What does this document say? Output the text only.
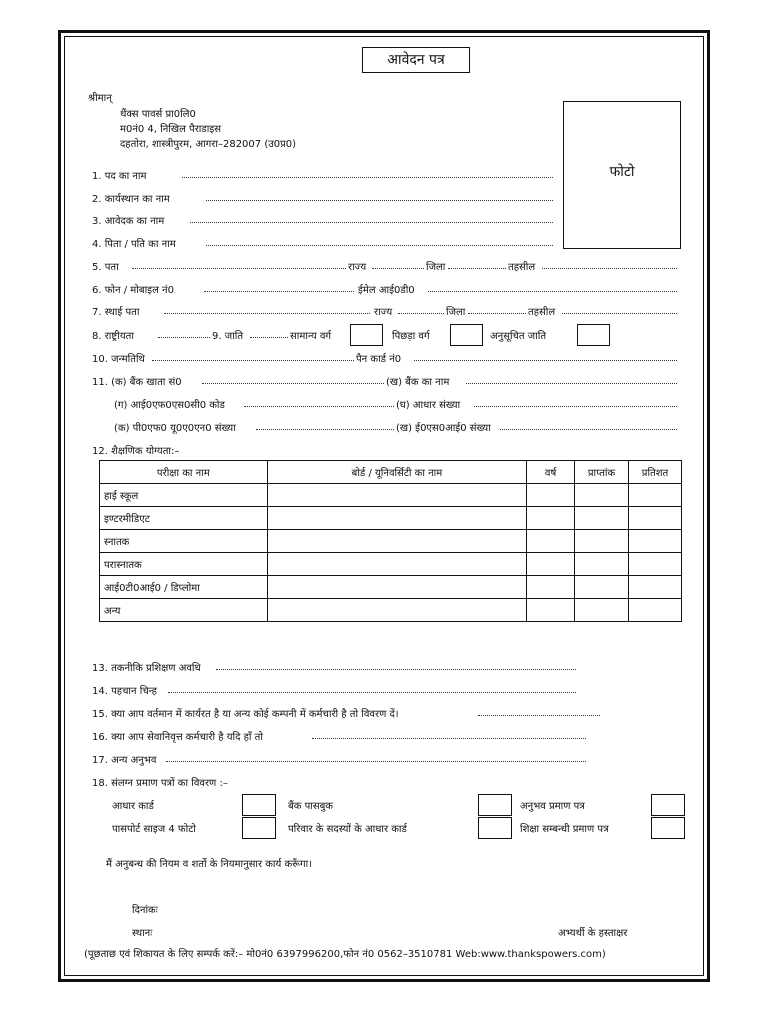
आवेदन पत्र
श्रीमान्
थैंक्स पावर्स प्रा0लि0
म0नं0 4, निखिल पैराडाइस
दहतोरा, शास्त्रीपुरम, आगरा–282007 (उ0प्र0)
फोटो
1. पद का नाम
2. कार्यस्थान का नाम
3. आवेदक का नाम
4. पिता / पति का नाम
5. पता	राज्य	जिला	तहसील
6. फोन / मोबाइल नं0	ईमेल आई0डी0
7. स्थाई पता	राज्य	जिला	तहसील
8. राष्ट्रीयता	9. जाति	सामान्य वर्ग	पिछड़ा वर्ग	अनुसूचित जाति
10. जन्मतिथि	पैन कार्ड नं0
11. (क) बैंक खाता सं0	(ख) बैंक का नाम
(ग) आई0एफ0एस0सी0 कोड	(घ) आधार संख्या
(क) पी0एफ0 यू0ए0एन0 संख्या	(ख) ई0एस0आई0 संख्या
12. शैक्षणिक योग्यता:–
परीक्षा का नाम	बोर्ड / यूनिवर्सिटी का नाम	वर्ष	प्राप्तांक	प्रतिशत
हाई स्कूल				
इण्टरमीडिएट				
स्नातक				
परास्नातक				
आई0टी0आई0 / डिप्लोमा				
अन्य				
13. तकनीकि प्रशिक्षण अवधि
14. पहचान चिन्ह
15. क्या आप वर्तमान में कार्यरत है या अन्य कोई कम्पनी में कर्मचारी है तो विवरण दें।
16. क्या आप सेवानिवृत्त कर्मचारी है यदि हाँ तो
17. अन्य अनुभव
18. संलग्न प्रमाण पत्रों का विवरण :–
आधार कार्ड	बैंक पासबुक	अनुभव प्रमाण पत्र
पासपोर्ट साइज 4 फोटो	परिवार के सदस्यों के आधार कार्ड	शिक्षा सम्बन्धी प्रमाण पत्र
मैं अनुबन्ध की नियम व शर्तो के नियमानुसार कार्य करूँगा।
दिनांकः
स्थानः	अभ्यर्थी के हस्ताक्षर
(पूछताछ एवं शिकायत के लिए सम्पर्क करें:– मो0नं0 6397996200,फोन नं0 0562–3510781 Web:www.thankspowers.com)
